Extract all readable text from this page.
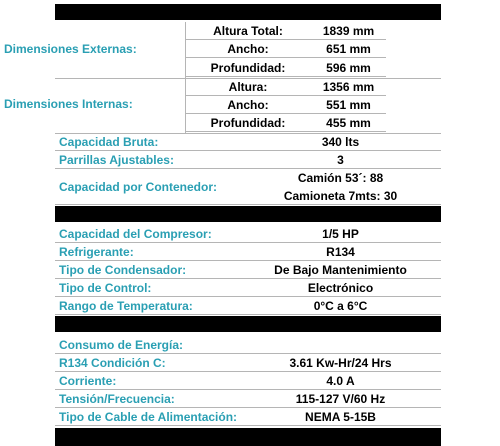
Dimensiones Externas:
Altura Total:	1839 mm
Ancho:	651 mm
Profundidad:	596 mm
Dimensiones Internas:
Altura:	1356 mm
Ancho:	551 mm
Profundidad:	455 mm
Capacidad Bruta:	340 lts
Parrillas Ajustables:	3
Capacidad por Contenedor:
Camión 53´: 88
Camioneta 7mts: 30
Capacidad del Compresor:	1/5 HP
Refrigerante:	R134
Tipo de Condensador:	De Bajo Mantenimiento
Tipo de Control:	Electrónico
Rango de Temperatura:	0°C a 6°C
Consumo de Energía:
R134 Condición C:	3.61 Kw-Hr/24 Hrs
Corriente:	4.0 A
Tensión/Frecuencia:	115-127 V/60 Hz
Tipo de Cable de Alimentación:	NEMA 5-15B
